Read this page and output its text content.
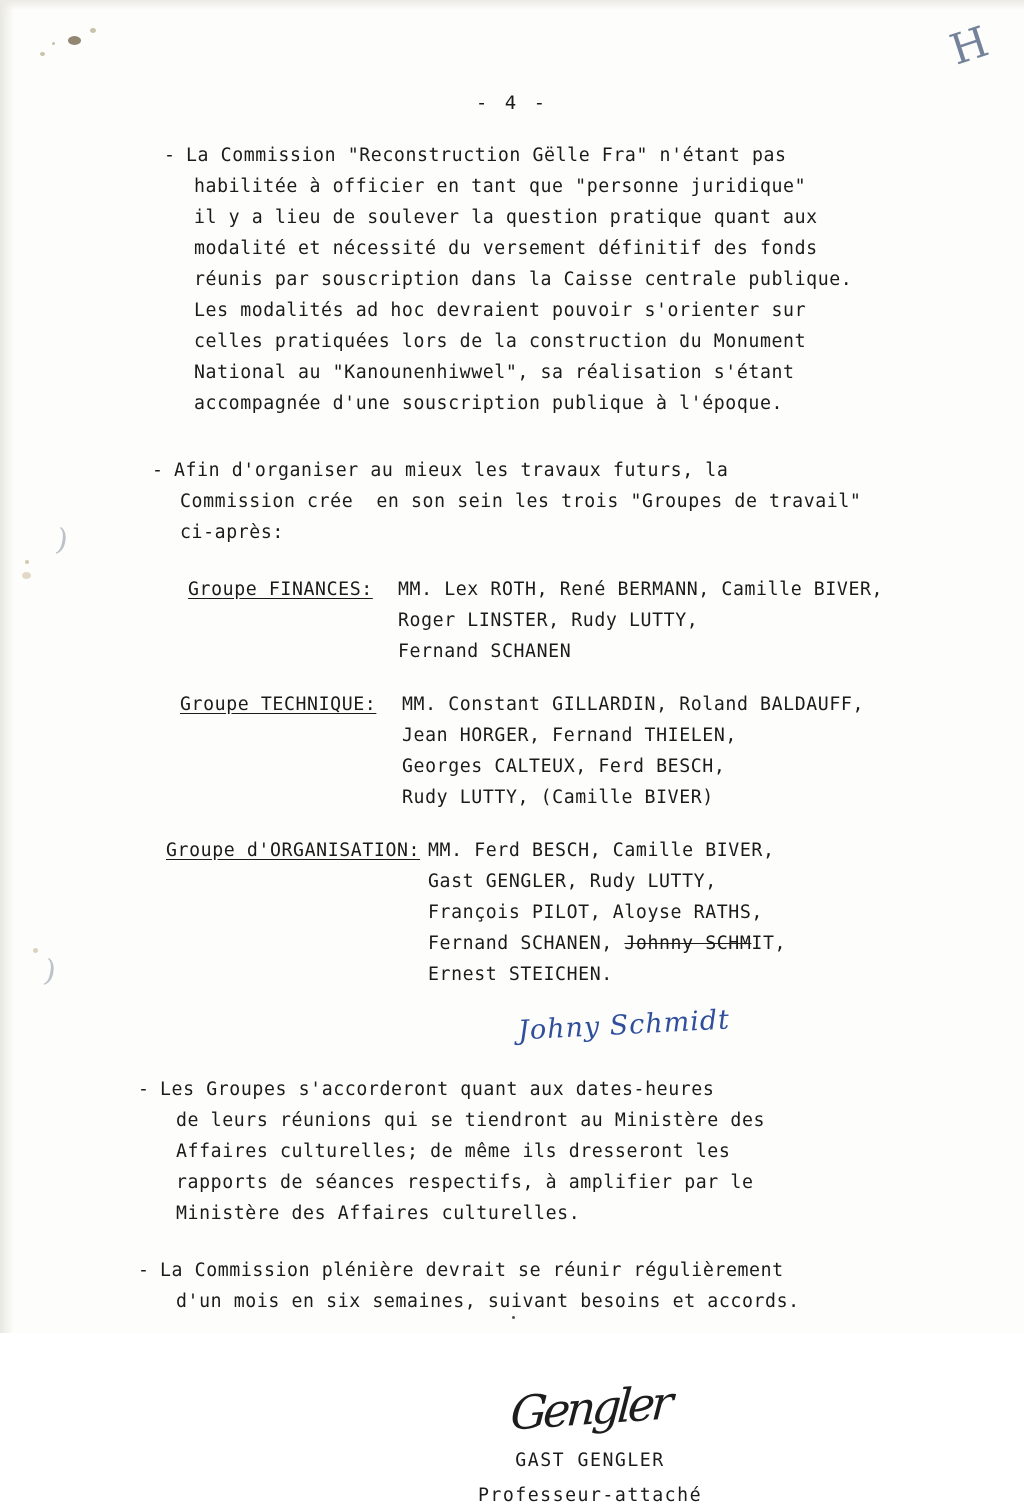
)
)
H
- 4 -
- La Commission "Reconstruction Gëlle Fra" n'étant pas
habilitée à officier en tant que "personne juridique"
il y a lieu de soulever la question pratique quant aux
modalité et nécessité du versement définitif des fonds
réunis par souscription dans la Caisse centrale publique.
Les modalités ad hoc devraient pouvoir s'orienter sur
celles pratiquées lors de la construction du Monument
National au "Kanounenhiwwel", sa réalisation s'étant
accompagnée d'une souscription publique à l'époque.
- Afin d'organiser au mieux les travaux futurs, la
Commission crée  en son sein les trois "Groupes de travail"
ci-après:
Groupe FINANCES:	MM. Lex ROTH, René BERMANN, Camille BIVER,
Roger LINSTER, Rudy LUTTY,
Fernand SCHANEN
Groupe TECHNIQUE:	MM. Constant GILLARDIN, Roland BALDAUFF,
Jean HORGER, Fernand THIELEN,
Georges CALTEUX, Ferd BESCH,
Rudy LUTTY, (Camille BIVER)
Groupe d'ORGANISATION: MM. Ferd BESCH, Camille BIVER,
Gast GENGLER, Rudy LUTTY,
François PILOT, Aloyse RATHS,
Fernand SCHANEN, Johnny SCHMIT,
Ernest STEICHEN.
Johny Schmidt
- Les Groupes s'accorderont quant aux dates-heures
de leurs réunions qui se tiendront au Ministère des
Affaires culturelles; de même ils dresseront les
rapports de séances respectifs, à amplifier par le
Ministère des Affaires culturelles.
- La Commission plénière devrait se réunir régulièrement
d'un mois en six semaines, suivant besoins et accords.
Gengler
GAST GENGLER
Professeur-attaché
